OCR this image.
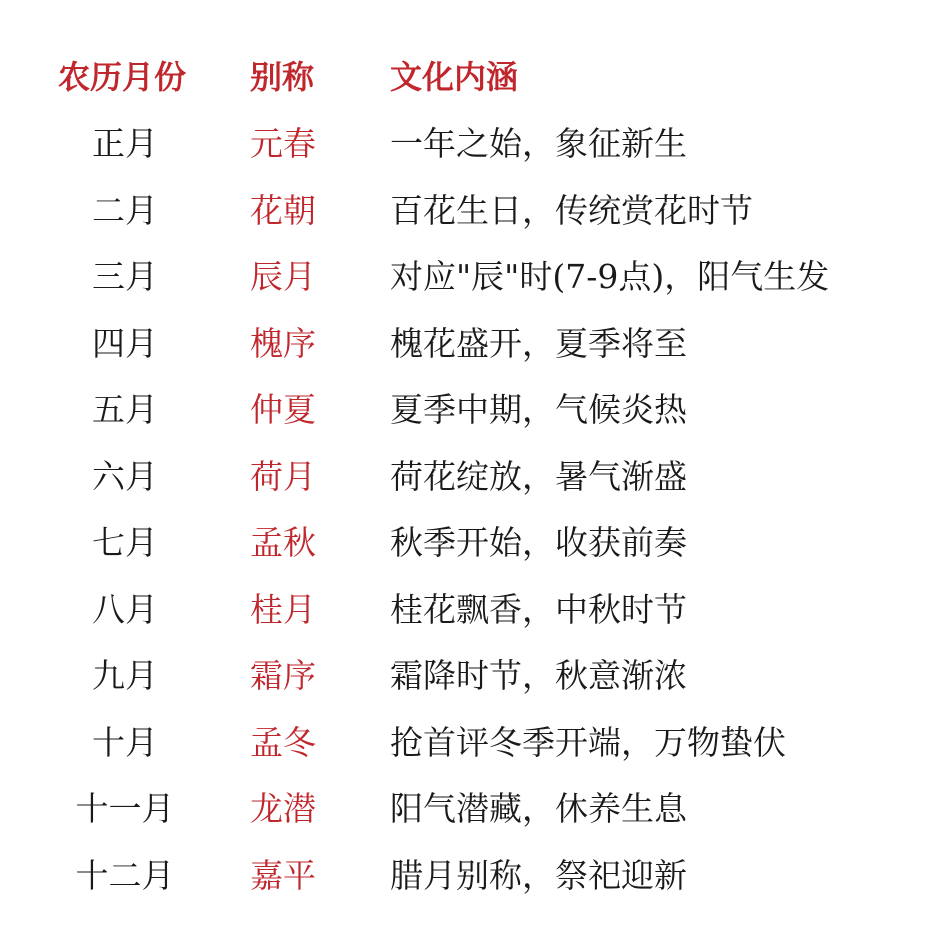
农历月份 别称 文化内涵
正月	元春 一年之始，象征新生
二月	花朝 百花生日，传统赏花时节
三月	辰月 对应"辰"时(7-9点)，阳气生发
四月	槐序 槐花盛开，夏季将至
五月	仲夏 夏季中期，气候炎热
六月	荷月 荷花绽放，暑气渐盛
七月	孟秋 秋季开始，收获前奏
八月	桂月 桂花飘香，中秋时节
九月	霜序 霜降时节，秋意渐浓
十月	孟冬 抢首评冬季开端，万物蛰伏
十一月	龙潜 阳气潜藏，休养生息
十二月	嘉平 腊月别称，祭祀迎新
